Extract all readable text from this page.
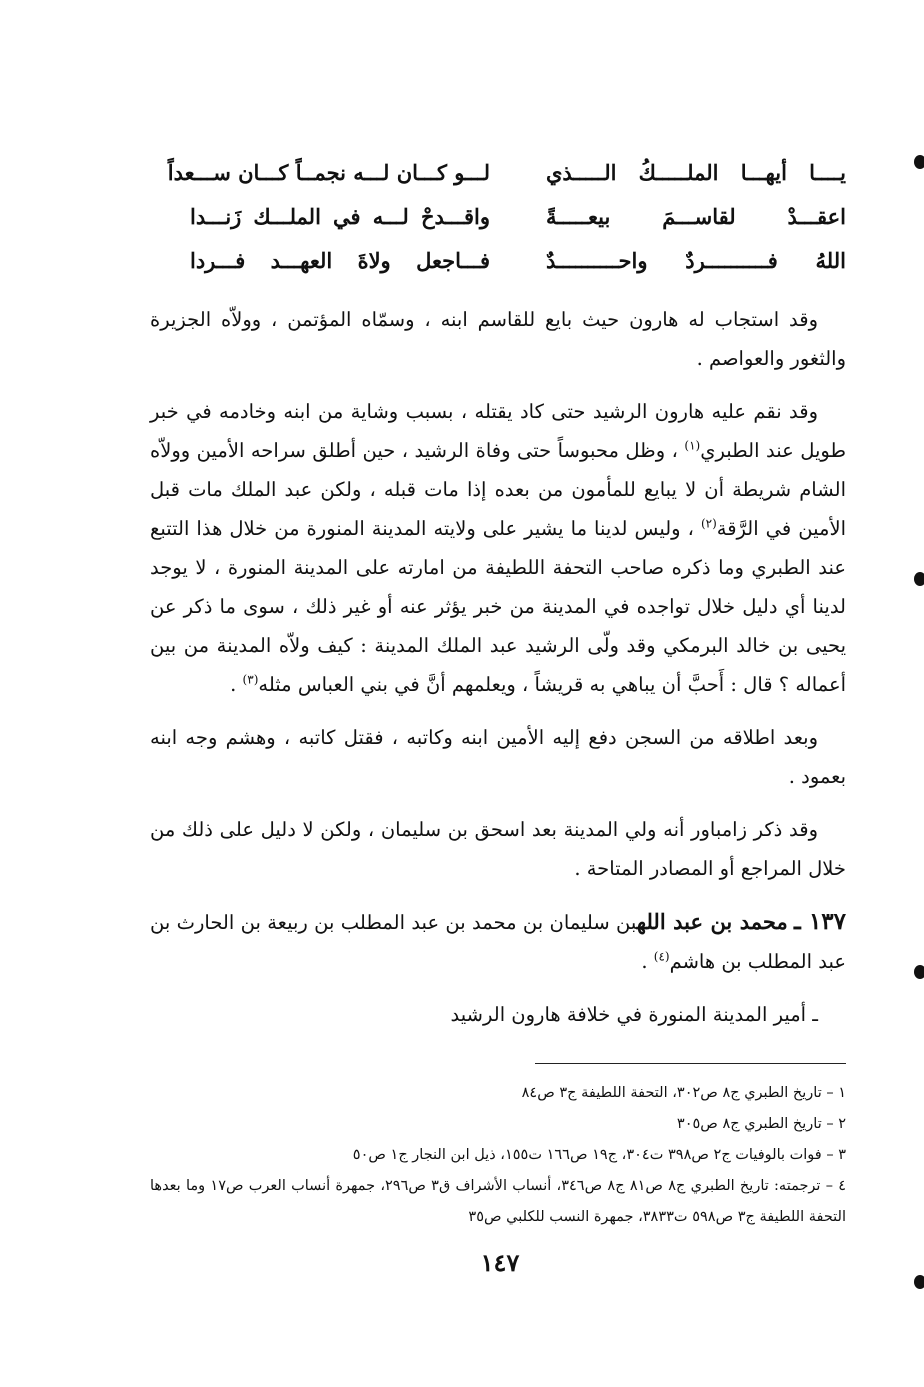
يــــا أيهـــا الملـــــكُ الـــــذي
لـــو كـــان لـــه نجمــاً كـــان ســـعداً
اعقـــدْ لقاســـمَ بيعـــــةً
واقـــدحْ لـــه في الملـــك زَنـــدا
اللهُ فــــــــــردٌ واحــــــــــدٌ
فـــاجعل ولاةَ العهـــد فـــردا

وقد استجاب له هارون حيث بايع للقاسم ابنه ، وسمّاه المؤتمن ، وولاّه الجزيرة والثغور والعواصم .

وقد نقم عليه هارون الرشيد حتى كاد يقتله ، بسبب وشاية من ابنه وخادمه في خبر طويل عند الطبري$^{(١)}$ ، وظل محبوساً حتى وفاة الرشيد ، حين أطلق سراحه الأمين وولاّه الشام شريطة أن لا يبايع للمأمون من بعده إذا مات قبله ، ولكن عبد الملك مات قبل الأمين في الرَّقة$^{(٢)}$ ، وليس لدينا ما يشير على ولايته المدينة المنورة من خلال هذا التتبع عند الطبري وما ذكره صاحب التحفة اللطيفة من امارته على المدينة المنورة ، لا يوجد لدينا أي دليل خلال تواجده في المدينة من خبر يؤثر عنه أو غير ذلك ، سوى ما ذكر عن يحيى بن خالد البرمكي وقد ولّى الرشيد عبد الملك المدينة : كيف ولاّه المدينة من بين أعماله ؟ قال : أَحبَّ أن يباهي به قريشاً ، ويعلمهم أنَّ في بني العباس مثله$^{(٣)}$ .

وبعد اطلاقه من السجن دفع إليه الأمين ابنه وكاتبه ، فقتل كاتبه ، وهشم وجه ابنه بعمود .

وقد ذكر زامباور أنه ولي المدينة بعد اسحق بن سليمان ، ولكن لا دليل على ذلك من خلال المراجع أو المصادر المتاحة .

١٣٧ ـ محمد بن عبد اللهبن سليمان بن محمد بن عبد المطلب بن ربيعة بن الحارث بن عبد المطلب بن هاشم$^{(٤)}$ .

ـ أمير المدينة المنورة في خلافة هارون الرشيد

١ – تاريخ الطبري ج٨ ص٣٠٢، التحفة اللطيفة ج٣ ص٨٤

٢ – تاريخ الطبري ج٨ ص٣٠٥

٣ – فوات بالوفيات ج٢ ص٣٩٨ ت٣٠٤، ج١٩ ص١٦٦ ت١٥٥، ذيل ابن النجار ج١ ص٥٠

٤ – ترجمته: تاريخ الطبري ج٨ ص٨١ ج٨ ص٣٤٦، أنساب الأشراف ق٣ ص٢٩٦، جمهرة أنساب العرب ص١٧ وما بعدها التحفة اللطيفة ج٣ ص٥٩٨ ت٣٨٣٣، جمهرة النسب للكلبي ص٣٥

١٤٧
